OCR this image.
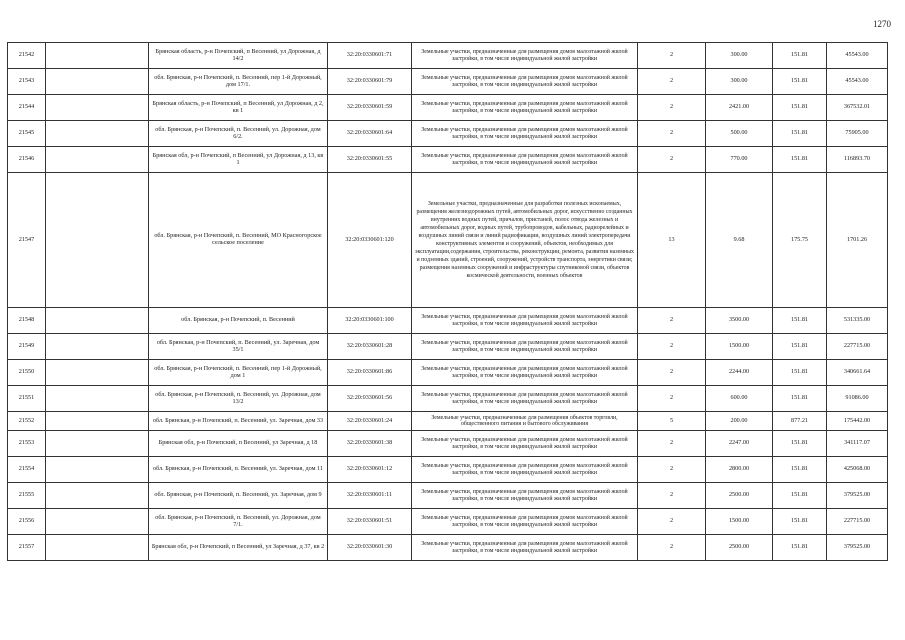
1270
21542		Брянская область, р-н Почепский, п Весенний, ул Дорожная, д 14/2	32:20:0330601:71	Земельные участки, предназначенные для размещения домов малоэтажной жилой застройки, в том числе индивидуальной жилой застройки	2	300.00	151.81	45543.00
21543		обл. Брянская, р-н Почепский, п. Весенний, пер 1-й Дорожный, дом 17/1.	32:20:0330601:79	Земельные участки, предназначенные для размещения домов малоэтажной жилой застройки, в том числе индивидуальной жилой застройки	2	300.00	151.81	45543.00
21544		Брянская область, р-н Почепский, п Весенний, ул Дорожная, д 2, кв 1	32:20:0330601:59	Земельные участки, предназначенные для размещения домов малоэтажной жилой застройки, в том числе индивидуальной жилой застройки	2	2421.00	151.81	367532.01
21545		обл. Брянская, р-н Почепский, п. Весенний, ул. Дорожная, дом 6/2.	32:20:0330601:64	Земельные участки, предназначенные для размещения домов малоэтажной жилой застройки, в том числе индивидуальной жилой застройки	2	500.00	151.81	75905.00
21546		Брянская обл, р-н Почепский, п Весенний, ул Дорожная, д 13, кв 1	32:20:0330601:55	Земельные участки, предназначенные для размещения домов малоэтажной жилой застройки, в том числе индивидуальной жилой застройки	2	770.00	151.81	116893.70
21547		обл. Брянская, р-н Почепский, п. Весенний, МО Красногорское сельское поселение	32:20:0330601:120	Земельные участки, предназначенные для разработки полезных ископаемых, размещения железнодорожных путей, автомобильных дорог, искусственно созданных внутренних водных путей, причалов, пристаней, полос отвода железных и автомобильных дорог, водных путей, трубопроводов, кабельных, радиорелейных и воздушных линий связи и линий радиофикации, воздушных линий электропередачи конструктивных элементов и сооружений, объектов, необходимых для эксплуатации,содержания, строительства, реконструкции, ремонта, развития наземных и подземных зданий, строений, сооружений, устройств транспорта, энергетики связи; размещения наземных сооружений и инфраструктуры спутниковой связи, объектов космической деятельности, военных объектов	13	9.68	175.75	1701.26
21548		обл. Брянская, р-н Почепский, п. Весенний	32:20:0330601:100	Земельные участки, предназначенные для размещения домов малоэтажной жилой застройки, в том числе индивидуальной жилой застройки	2	3500.00	151.81	531335.00
21549		обл. Брянская, р-н Почепский, п. Весенний, ул. Заречная, дом 35/1	32:20:0330601:28	Земельные участки, предназначенные для размещения домов малоэтажной жилой застройки, в том числе индивидуальной жилой застройки	2	1500.00	151.81	227715.00
21550		обл. Брянская, р-н Почепский, п. Весенний, пер 1-й Дорожный, дом 1	32:20:0330601:86	Земельные участки, предназначенные для размещения домов малоэтажной жилой застройки, в том числе индивидуальной жилой застройки	2	2244.00	151.81	340661.64
21551		обл. Брянская, р-н Почепский, п. Весенний, ул. Дорожная, дом 13/2	32:20:0330601:56	Земельные участки, предназначенные для размещения домов малоэтажной жилой застройки, в том числе индивидуальной жилой застройки	2	600.00	151.81	91086.00
21552		обл. Брянская, р-н Почепский, п. Весенний, ул. Заречная, дом 33	32:20:0330601:24	Земельные участки, предназначенные для размещения объектов торговли, общественного питания и бытового обслуживания	5	200.00	877.21	175442.00
21553		Брянская обл, р-н Почепский, п Весенний, ул Заречная, д 18	32:20:0330601:38	Земельные участки, предназначенные для размещения домов малоэтажной жилой застройки, в том числе индивидуальной жилой застройки	2	2247.00	151.81	341117.07
21554		обл. Брянская, р-н Почепский, п. Весенний, ул. Заречная, дом 11	32:20:0330601:12	Земельные участки, предназначенные для размещения домов малоэтажной жилой застройки, в том числе индивидуальной жилой застройки	2	2800.00	151.81	425068.00
21555		обл. Брянская, р-н Почепский, п. Весенний, ул. Заречная, дом 9	32:20:0330601:11	Земельные участки, предназначенные для размещения домов малоэтажной жилой застройки, в том числе индивидуальной жилой застройки	2	2500.00	151.81	379525.00
21556		обл. Брянская, р-н Почепский, п. Весенний, ул. Дорожная, дом 7/1.	32:20:0330601:51	Земельные участки, предназначенные для размещения домов малоэтажной жилой застройки, в том числе индивидуальной жилой застройки	2	1500.00	151.81	227715.00
21557		Брянская обл, р-н Почепский, п Весенний, ул Заречная, д 37, кв 2	32:20:0330601:30	Земельные участки, предназначенные для размещения домов малоэтажной жилой застройки, в том числе индивидуальной жилой застройки	2	2500.00	151.81	379525.00
